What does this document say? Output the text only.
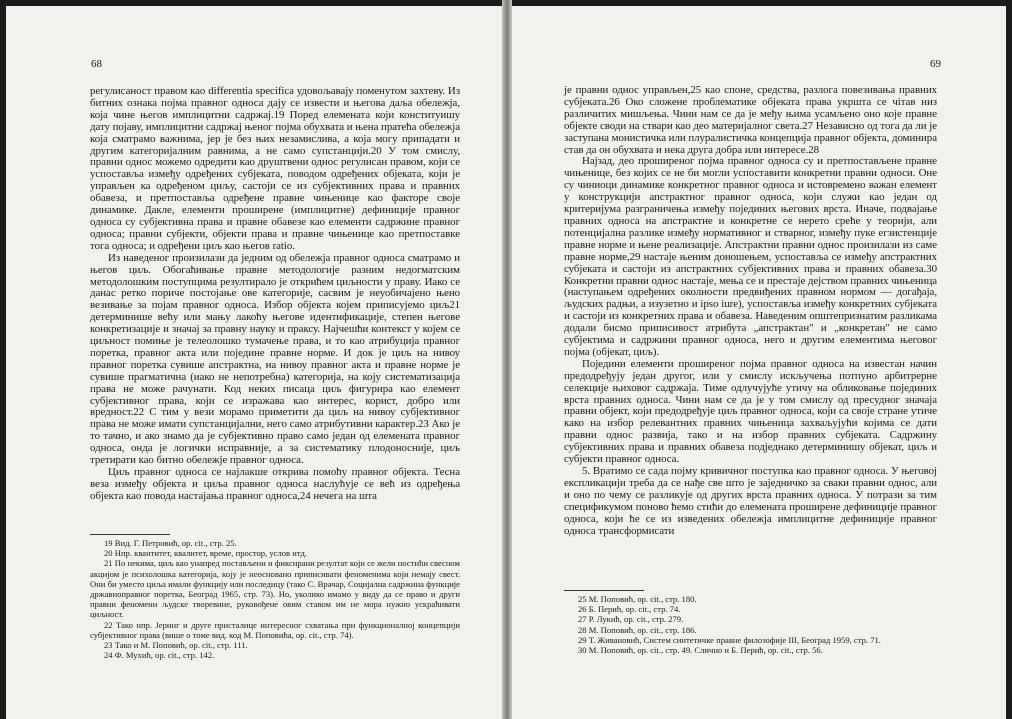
68

регулисаност правом као differentia specifica удовољавају поменутом захтеву. Из битних ознака појма правног односа дају се извести и његова даља обележја, која чине његов имплицитни садржај.19 Поред елемената који конституишу дату појаву, имплицитни садржај њеног појма обухвата и њена пратећа обележја која сматрамо важнима, јер је без њих незамислива, а која могу припадати и другим категоријалним равнима, а не само супстанцији.20 У том смислу, правни однос можемо одредити као друштвени однос регулисан правом, који се успоставља између одређених субјеката, поводом одређених објеката, који је управљен ка одређеном циљу, састоји се из субјективних права и правних обавеза, и претпоставља одређене правне чињенице као факторе своје динамике. Дакле, елементи проширене (имплицитне) дефиниције правног односа су субјективна права и правне обавезе као елементи садржине правног односа; правни субјекти, објекти права и правне чињенице као претпоставке тога односа; и одређени циљ као његов ratio.

Из наведеног произилази да једним од обележја правног односа сматрамо и његов циљ. Обогаћивање правне методологије разним недогматским методолошким поступцима резултирало је открићем циљности у праву. Иако се данас ретко пориче постојање ове категорије, сасвим је неуобичајено њено везивање за појам правног односа. Избор објекта којем приписујемо циљ21 детерминише већу или мању лакоћу његове идентификације, степен његове конкретизације и значај за правну науку и праксу. Најчешћи контекст у којем се циљност помиње је телеолошко тумачење права, и то као атрибуција правног поретка, правног акта или појединe правне норме. И док је циљ на нивоу правног поретка сувише апстрактна, на нивоу правног акта и правне норме је сувише прагматична (иако не непотребна) категорија, на коју систематизација права не може рачунати. Код неких писаца циљ фигурира као елемент субјективног права, који се изражава као интерес, корист, добро или вредност.22 С тим у вези морамо приметити да циљ на нивоу субјективног права не може имати супстанцијални, него само атрибутивни карактер.23 Ако је то тачно, и ако знамо да је субјективно право само један од елемената правног односа, онда је логички исправније, а за систематику плодоносније, циљ третирати као битно обележје правног односа.

Циљ правног односа се најлакше открива помоћу правног објекта. Тесна веза између објекта и циља правног односа наслућује се већ из одређења објекта као повода настајања правног односа,24 нечега на шта

19 Вид. Г. Петровић, op. cit., стр. 25.

20 Нпр. квантитет, квалитет, време, простор, услов итд.

21 По некима, циљ као унапред постављени и фиксирани резултат који се жели постићи свесном акцијом је психолошка категорија, коју је неосновано приписивати феноменима који немају свест. Они би уместо циља имали функцију или последицу (тако С. Врачар, Социјална садржина функције државнoправног поретка, Београд 1965, стр. 73). Но, уколико имамо у виду да се право и други правни феномени људске творевине, руковођене овим ставом им не мора нужно ускраћивати циљност.

22 Тако нпр. Јеринг и друге присталице интересног схватања при функционалној концепцији субјективног права (више о томе вид. код М. Поповића, op. cit., стр. 74).

23 Тако и М. Поповић, op. cit., стр. 111.

24 Ф. Мухић, op. cit., стр. 142.

69

је правни однос управљен,25 као споне, средства, разлога повезивања правних субјеката.26 Око сложене проблематике објеката права укршта се чітав низ различитих мишљења. Чини нам се да је међу њима усамљено оно које правне објекте своди на ствари као део материјалног света.27 Независно од тога да ли је заступана монистичка или плуралистичка концепција правног објекта, доминира став да он обухвата и нека друга добра или интересе.28

Најзад, део проширеног појма правног односа су и претпостављене правне чињенице, без којих се не би могли успоставити конкретни правни односи. Оне су чиниоци динамике конкретног правног односа и истовремено важан елемент у конструкцији апстрактног правног односа, који служи као један од критеријума разграничења између појединих његових врста. Иначе, подвајање правних односа на апстрактне и конкретне се нерето среће у теорији, али потенцијална разлике између нормативног и стварног, између пуке егзистенције правне норме и њене реализације. Апстрактни правни однос произилази из саме правне норме,29 настаје њеним доношењем, успоставља се између апстрактних субјеката и састоји из апстрактних субјективних права и правних обавеза.30 Конкретни правни однос настаје, мења се и престаје дејством правних чињеница (наступањем одређених околности предвиђених правном нормом — догађаја, људских радњи, а изузетно и ipso iure), успоставља између конкретних субјеката и састоји из конкретних права и обавеза. Наведеним општепризнатим разликама додали бисмо приписивост атрибута „апстрактан" и „конкретан" не само субјектима и садржини правног односа, него и другим елементима његовог појма (објекат, циљ).

Поједини елементи проширеног појма правног односа на известан начин предодређују један другог, или у смислу искључења потпуно арбитрерне селекције њиховог садржаја. Тиме одлучујуће утичу на обликовање појединих врста правних односа. Чини нам се да је у том смислу од пресудног значаја правни објект, који предодређује циљ правног односа, који са своје стране утиче како на избор релевантних правних чињеница захваљујући којима се дати правни однос развија, тако и на избор правних субјеката. Садржину субјективних права и правних обавеза подједнако детерминишу објекат, циљ и субјекти правног односа.

5. Вратимо се сада појму кривичног поступка као правног односа. У његовој експликацији треба да се нађе све што је заједничко за сваки правни однос, али и оно по чему се разликује од других врста правних односа. У потрази за тим спецификумом поново ћемо стићи до елемената проширене дефиниције правног односа, који ће се из изведених обележја имплицитне дефиниције правног односа трансформисати

25 М. Поповић, op. cit., стр. 180.

26 Б. Перић, op. cit., стр. 74.

27 Р. Лукић, op. cit., стр. 279.

28 М. Поповић, op. cit., стр. 186.

29 Т. Живановић, Систем синтетичке правне филозофије III, Београд 1959, стр. 71.

30 М. Поповић, op. cit., стр. 49. Слично и Б. Перић, op. cit., стр. 56.
